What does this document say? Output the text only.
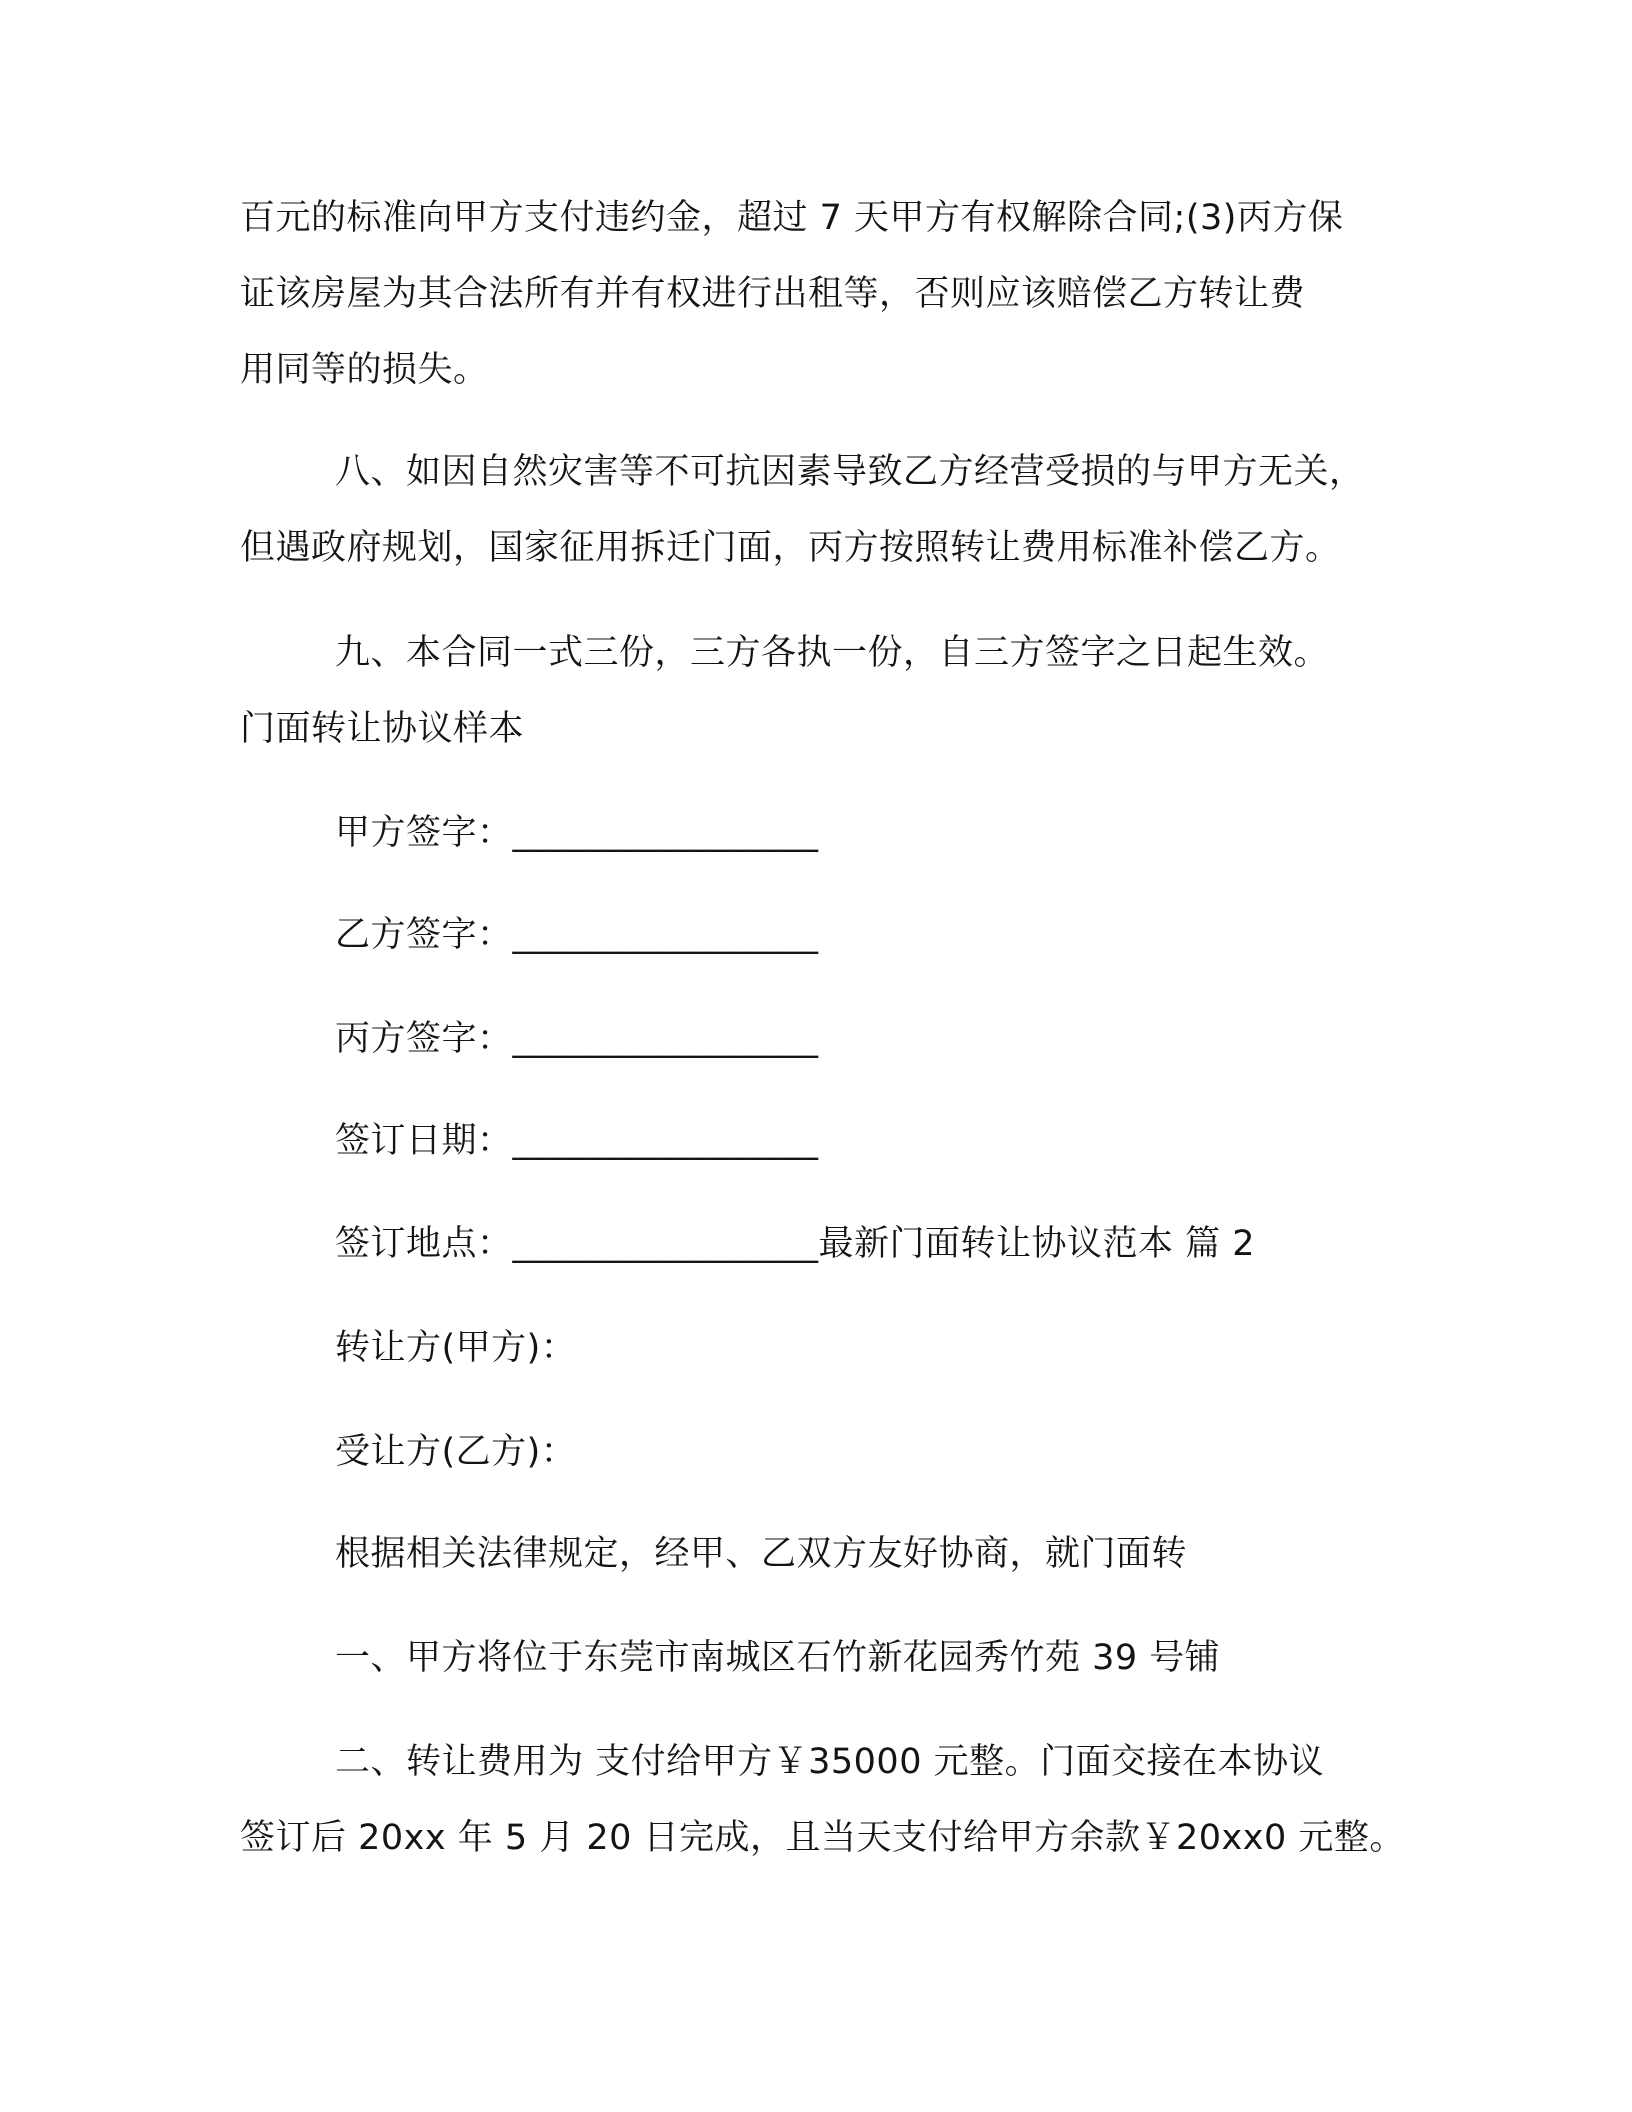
百元的标准向甲方支付违约金，超过 7 天甲方有权解除合同;(3)丙方保
证该房屋为其合法所有并有权进行出租等，否则应该赔偿乙方转让费
用同等的损失。
八、如因自然灾害等不可抗因素导致乙方经营受损的与甲方无关，
但遇政府规划，国家征用拆迁门面，丙方按照转让费用标准补偿乙方。
九、本合同一式三份，三方各执一份，自三方签字之日起生效。
门面转让协议样本
甲方签字：_________________
乙方签字：_________________
丙方签字：_________________
签订日期：_________________
签订地点：_________________最新门面转让协议范本 篇 2
转让方(甲方)：
受让方(乙方)：
根据相关法律规定，经甲、乙双方友好协商，就门面转
一、甲方将位于东莞市南城区石竹新花园秀竹苑 39 号铺
二、转让费用为 支付给甲方￥35000 元整。门面交接在本协议
签订后 20xx 年 5 月 20 日完成，且当天支付给甲方余款￥20xx0 元整。
